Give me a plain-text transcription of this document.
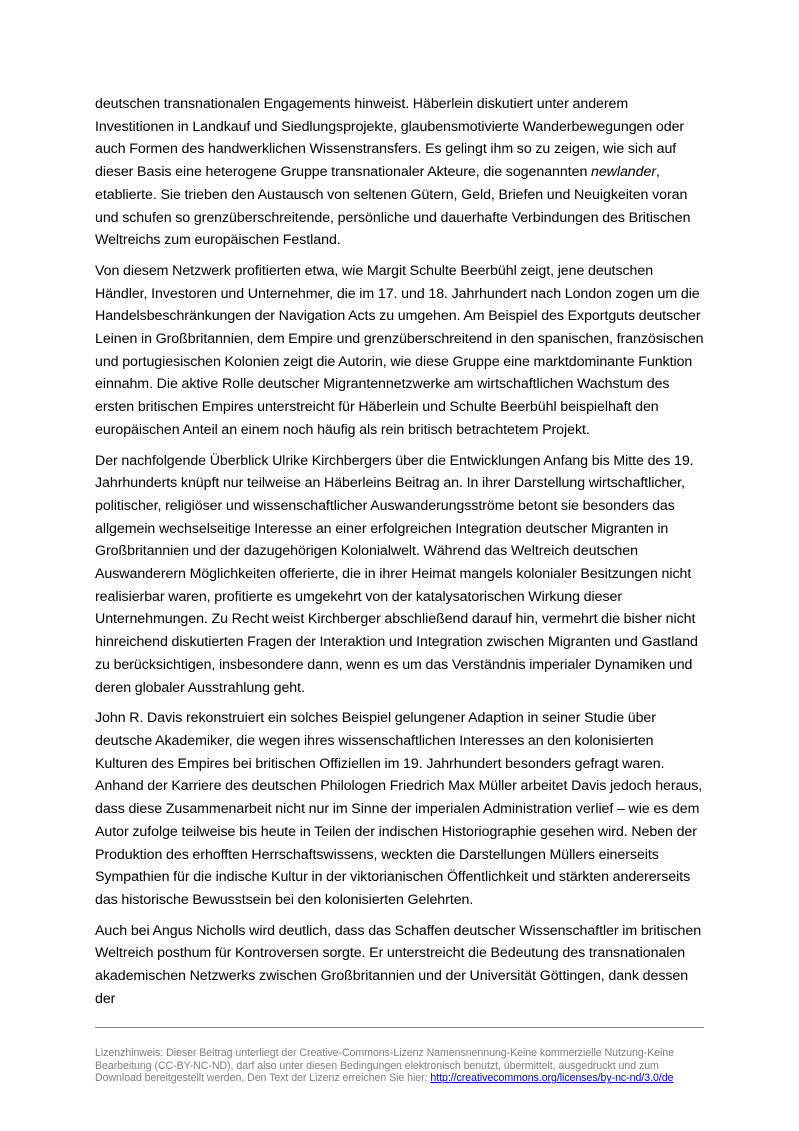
deutschen transnationalen Engagements hinweist. Häberlein diskutiert unter anderem Investitionen in Landkauf und Siedlungsprojekte, glaubensmotivierte Wanderbewegungen oder auch Formen des handwerklichen Wissenstransfers. Es gelingt ihm so zu zeigen, wie sich auf dieser Basis eine heterogene Gruppe transnationaler Akteure, die sogenannten newlander, etablierte. Sie trieben den Austausch von seltenen Gütern, Geld, Briefen und Neuigkeiten voran und schufen so grenzüberschreitende, persönliche und dauerhafte Verbindungen des Britischen Weltreichs zum europäischen Festland.

Von diesem Netzwerk profitierten etwa, wie Margit Schulte Beerbühl zeigt, jene deutschen Händler, Investoren und Unternehmer, die im 17. und 18. Jahrhundert nach London zogen um die Handelsbeschränkungen der Navigation Acts zu umgehen. Am Beispiel des Exportguts deutscher Leinen in Großbritannien, dem Empire und grenzüberschreitend in den spanischen, französischen und portugiesischen Kolonien zeigt die Autorin, wie diese Gruppe eine marktdominante Funktion einnahm. Die aktive Rolle deutscher Migrantennetzwerke am wirtschaftlichen Wachstum des ersten britischen Empires unterstreicht für Häberlein und Schulte Beerbühl beispielhaft den europäischen Anteil an einem noch häufig als rein britisch betrachtetem Projekt.

Der nachfolgende Überblick Ulrike Kirchbergers über die Entwicklungen Anfang bis Mitte des 19. Jahrhunderts knüpft nur teilweise an Häberleins Beitrag an. In ihrer Darstellung wirtschaftlicher, politischer, religiöser und wissenschaftlicher Auswanderungsströme betont sie besonders das allgemein wechselseitige Interesse an einer erfolgreichen Integration deutscher Migranten in Großbritannien und der dazugehörigen Kolonialwelt. Während das Weltreich deutschen Auswanderern Möglichkeiten offerierte, die in ihrer Heimat mangels kolonialer Besitzungen nicht realisierbar waren, profitierte es umgekehrt von der katalysatorischen Wirkung dieser Unternehmungen. Zu Recht weist Kirchberger abschließend darauf hin, vermehrt die bisher nicht hinreichend diskutierten Fragen der Interaktion und Integration zwischen Migranten und Gastland zu berücksichtigen, insbesondere dann, wenn es um das Verständnis imperialer Dynamiken und deren globaler Ausstrahlung geht.

John R. Davis rekonstruiert ein solches Beispiel gelungener Adaption in seiner Studie über deutsche Akademiker, die wegen ihres wissenschaftlichen Interesses an den kolonisierten Kulturen des Empires bei britischen Offiziellen im 19. Jahrhundert besonders gefragt waren. Anhand der Karriere des deutschen Philologen Friedrich Max Müller arbeitet Davis jedoch heraus, dass diese Zusammenarbeit nicht nur im Sinne der imperialen Administration verlief – wie es dem Autor zufolge teilweise bis heute in Teilen der indischen Historiographie gesehen wird. Neben der Produktion des erhofften Herrschaftswissens, weckten die Darstellungen Müllers einerseits Sympathien für die indische Kultur in der viktorianischen Öffentlichkeit und stärkten andererseits das historische Bewusstsein bei den kolonisierten Gelehrten.

Auch bei Angus Nicholls wird deutlich, dass das Schaffen deutscher Wissenschaftler im britischen Weltreich posthum für Kontroversen sorgte. Er unterstreicht die Bedeutung des transnationalen akademischen Netzwerks zwischen Großbritannien und der Universität Göttingen, dank dessen der

Lizenzhinweis: Dieser Beitrag unterliegt der Creative-Commons-Lizenz Namensnennung-Keine kommerzielle Nutzung-Keine Bearbeitung (CC-BY-NC-ND), darf also unter diesen Bedingungen elektronisch benutzt, übermittelt, ausgedruckt und zum Download bereitgestellt werden. Den Text der Lizenz erreichen Sie hier: http://creativecommons.org/licenses/by-nc-nd/3.0/de
